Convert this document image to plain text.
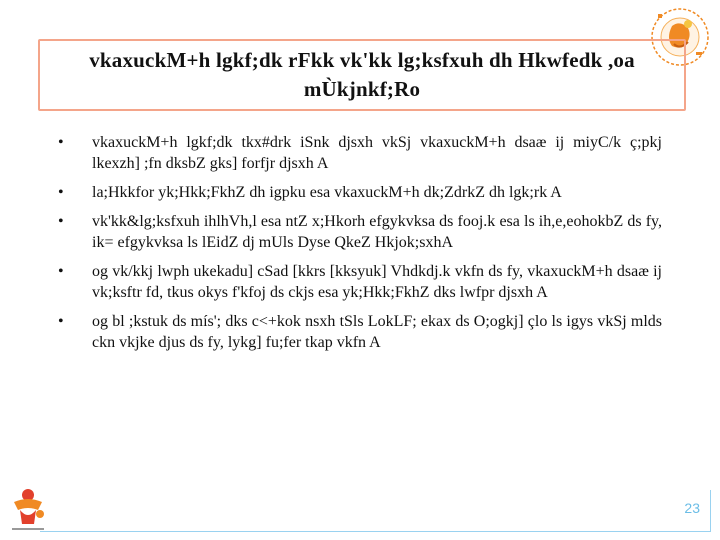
vkaxuckM+h lgkf;dk rFkk vk'kk lg;ksfxuh dh Hkwfedk ,oa
mÙkjnkf;Ro
• vkaxuckM+h lgkf;dk tkx#drk iSnk djsxh vkSj vkaxuckM+h dsaæ ij miyC/k ç;pkj lkexzh] ;fn dksbZ gks] forfjr djsxh A
• la;Hkkfor yk;Hkk;FkhZ dh igpku esa vkaxuckM+h dk;ZdrkZ dh lgk;rk A
• vk'kk&lg;ksfxuh ihlhVh,l esa ntZ x;Hkorh efgykvksa ds fooj.k esa ls ih,e,eohokbZ ds fy, ik= efgykvksa ls lEidZ dj mUls Dyse QkeZ Hkjok;sxhA
• og vk/kkj lwph ukekadu] cSad [kkrs [kksyuk] Vhdkdj.k vkfn ds fy, vkaxuckM+h dsaæ ij vk;ksftr fd, tkus okys f'kfoj ds ckjs esa yk;Hkk;FkhZ dks lwfpr djsxh A
• og bl ;kstuk ds mís'; dks c<+kok nsxh tSls LokLF; ekax ds O;ogkj] çlo ls igys vkSj mlds ckn vkjke djus ds fy, lykg] fu;fer tkap vkfn A
23
